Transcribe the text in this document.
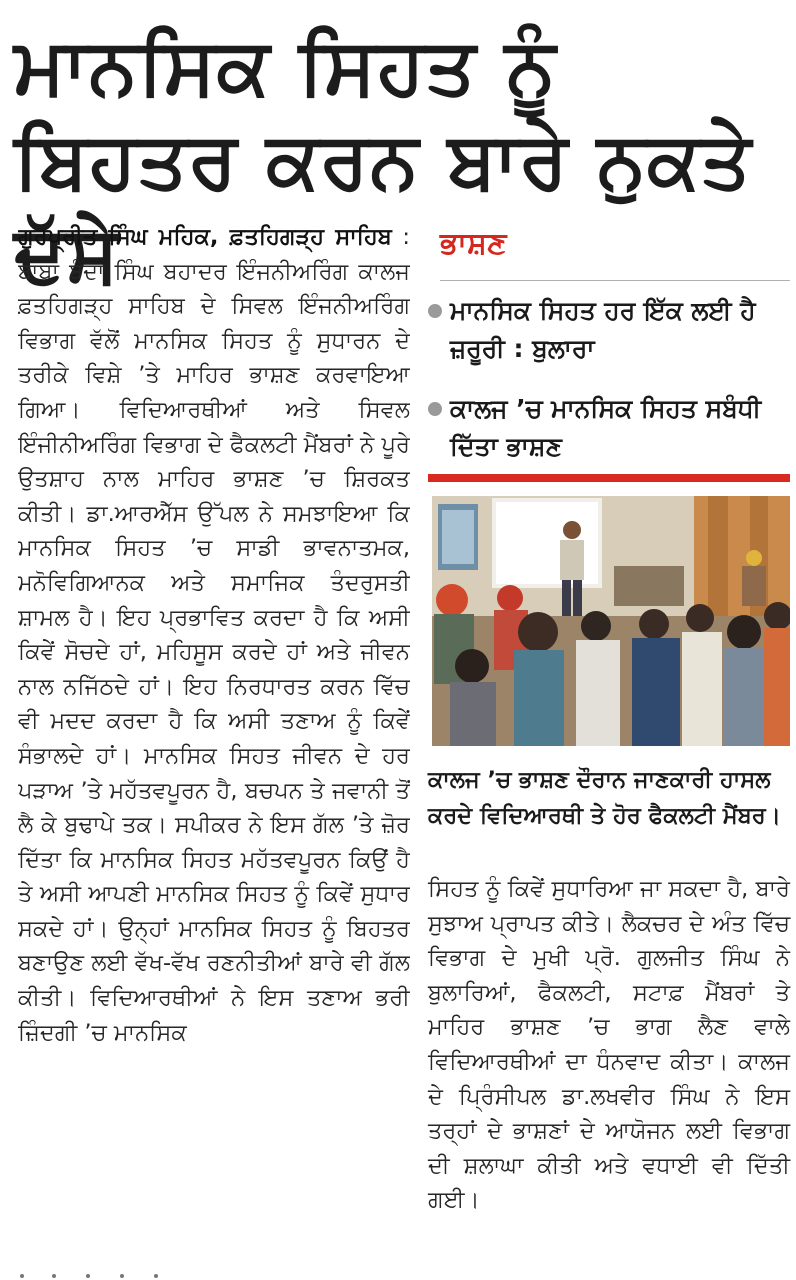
ਮਾਨਸਿਕ ਸਿਹਤ ਨੂੰ ਬਿਹਤਰ ਕਰਨ ਬਾਰੇ ਨੁਕਤੇ ਦੱਸੇ
ਗੁਰਪ੍ਰੀਤ ਸਿੰਘ ਮਹਿਕ, ਫ਼ਤਹਿਗੜ੍ਹ ਸਾਹਿਬ : ਬਾਬਾ ਬੰਦਾ ਸਿੰਘ ਬਹਾਦਰ ਇੰਜਨੀਅਰਿੰਗ ਕਾਲਜ ਫ਼ਤਹਿਗੜ੍ਹ ਸਾਹਿਬ ਦੇ ਸਿਵਲ ਇੰਜਨੀਅਰਿੰਗ ਵਿਭਾਗ ਵੱਲੋਂ ਮਾਨਸਿਕ ਸਿਹਤ ਨੂੰ ਸੁਧਾਰਨ ਦੇ ਤਰੀਕੇ ਵਿਸ਼ੇ ’ਤੇ ਮਾਹਿਰ ਭਾਸ਼ਣ ਕਰਵਾਇਆ ਗਿਆ। ਵਿਦਿਆਰਥੀਆਂ ਅਤੇ ਸਿਵਲ ਇੰਜੀਨੀਅਰਿੰਗ ਵਿਭਾਗ ਦੇ ਫੈਕਲਟੀ ਮੈਂਬਰਾਂ ਨੇ ਪੂਰੇ ਉਤਸ਼ਾਹ ਨਾਲ ਮਾਹਿਰ ਭਾਸ਼ਣ ’ਚ ਸ਼ਿਰਕਤ ਕੀਤੀ। ਡਾ.ਆਰਐੱਸ ਉੱਪਲ ਨੇ ਸਮਝਾਇਆ ਕਿ ਮਾਨਸਿਕ ਸਿਹਤ ’ਚ ਸਾਡੀ ਭਾਵਨਾਤਮਕ, ਮਨੋਵਿਗਿਆਨਕ ਅਤੇ ਸਮਾਜਿਕ ਤੰਦਰੁਸਤੀ ਸ਼ਾਮਲ ਹੈ। ਇਹ ਪ੍ਰਭਾਵਿਤ ਕਰਦਾ ਹੈ ਕਿ ਅਸੀ ਕਿਵੇਂ ਸੋਚਦੇ ਹਾਂ, ਮਹਿਸੂਸ ਕਰਦੇ ਹਾਂ ਅਤੇ ਜੀਵਨ ਨਾਲ ਨਜਿੱਠਦੇ ਹਾਂ। ਇਹ ਨਿਰਧਾਰਤ ਕਰਨ ਵਿੱਚ ਵੀ ਮਦਦ ਕਰਦਾ ਹੈ ਕਿ ਅਸੀ ਤਣਾਅ ਨੂੰ ਕਿਵੇਂ ਸੰਭਾਲਦੇ ਹਾਂ। ਮਾਨਸਿਕ ਸਿਹਤ ਜੀਵਨ ਦੇ ਹਰ ਪੜਾਅ ’ਤੇ ਮਹੱਤਵਪੂਰਨ ਹੈ, ਬਚਪਨ ਤੇ ਜਵਾਨੀ ਤੋਂ ਲੈ ਕੇ ਬੁਢਾਪੇ ਤਕ। ਸਪੀਕਰ ਨੇ ਇਸ ਗੱਲ ’ਤੇ ਜ਼ੋਰ ਦਿੱਤਾ ਕਿ ਮਾਨਸਿਕ ਸਿਹਤ ਮਹੱਤਵਪੂਰਨ ਕਿਉਂ ਹੈ ਤੇ ਅਸੀ ਆਪਣੀ ਮਾਨਸਿਕ ਸਿਹਤ ਨੂੰ ਕਿਵੇਂ ਸੁਧਾਰ ਸਕਦੇ ਹਾਂ। ਉਨ੍ਹਾਂ ਮਾਨਸਿਕ ਸਿਹਤ ਨੂੰ ਬਿਹਤਰ ਬਣਾਉਣ ਲਈ ਵੱਖ-ਵੱਖ ਰਣਨੀਤੀਆਂ ਬਾਰੇ ਵੀ ਗੱਲ ਕੀਤੀ। ਵਿਦਿਆਰਥੀਆਂ ਨੇ ਇਸ ਤਣਾਅ ਭਰੀ ਜ਼ਿੰਦਗੀ ’ਚ ਮਾਨਸਿਕ
ਭਾਸ਼ਣ
ਮਾਨਸਿਕ ਸਿਹਤ ਹਰ ਇੱਕ ਲਈ ਹੈ ਜ਼ਰੂਰੀ : ਬੁਲਾਰਾ
ਕਾਲਜ ’ਚ ਮਾਨਸਿਕ ਸਿਹਤ ਸਬੰਧੀ ਦਿੱਤਾ ਭਾਸ਼ਣ
ਕਾਲਜ ’ਚ ਭਾਸ਼ਣ ਦੌਰਾਨ ਜਾਣਕਾਰੀ ਹਾਸਲ ਕਰਦੇ ਵਿਦਿਆਰਥੀ ਤੇ ਹੋਰ ਫੈਕਲਟੀ ਮੈਂਬਰ।
ਸਿਹਤ ਨੂੰ ਕਿਵੇਂ ਸੁਧਾਰਿਆ ਜਾ ਸਕਦਾ ਹੈ, ਬਾਰੇ ਸੁਝਾਅ ਪ੍ਰਾਪਤ ਕੀਤੇ। ਲੈਕਚਰ ਦੇ ਅੰਤ ਵਿੱਚ ਵਿਭਾਗ ਦੇ ਮੁਖੀ ਪ੍ਰੋ. ਗੁਲਜੀਤ ਸਿੰਘ ਨੇ ਬੁਲਾਰਿਆਂ, ਫੈਕਲਟੀ, ਸਟਾਫ਼ ਮੈਂਬਰਾਂ ਤੇ ਮਾਹਿਰ ਭਾਸ਼ਣ ’ਚ ਭਾਗ ਲੈਣ ਵਾਲੇ ਵਿਦਿਆਰਥੀਆਂ ਦਾ ਧੰਨਵਾਦ ਕੀਤਾ। ਕਾਲਜ ਦੇ ਪ੍ਰਿੰਸੀਪਲ ਡਾ.ਲਖਵੀਰ ਸਿੰਘ ਨੇ ਇਸ ਤਰ੍ਹਾਂ ਦੇ ਭਾਸ਼ਣਾਂ ਦੇ ਆਯੋਜਨ ਲਈ ਵਿਭਾਗ ਦੀ ਸ਼ਲਾਘਾ ਕੀਤੀ ਅਤੇ ਵਧਾਈ ਵੀ ਦਿੱਤੀ ਗਈ।
